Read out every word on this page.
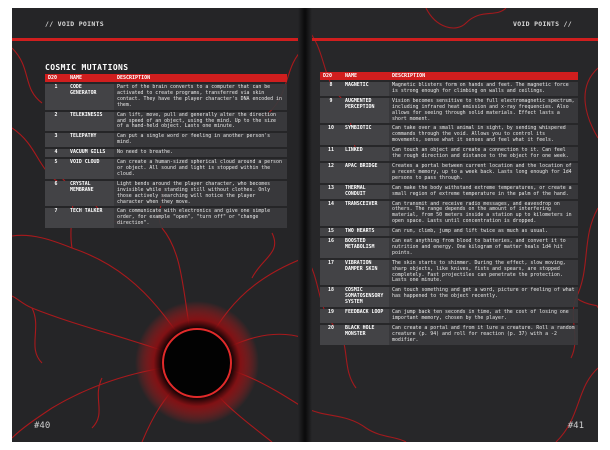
// VOID POINTS
COSMIC MUTATIONS
D20	NAME	DESCRIPTION
1	CODE GENERATOR	Part of the brain converts to a computer that can be activated to create programs, transferred via skin contact. They have the player character's DNA encoded in them.
2	TELEKINESIS	Can lift, move, pull and generally alter the direction and speed of an object, using the mind. Up to the size of a hand-held object. Lasts one minute.
3	TELEPATHY	Can put a single word or feeling in another person's mind.
4	VACUUM GILLS	No need to breathe.
5	VOID CLOUD	Can create a human-sized spherical cloud around a person or object. All sound and light is stopped within the cloud.
6	CRYSTAL MEMBRANE	Light bends around the player character, who becomes invisible while standing still without clothes. Only those actively searching will notice the player character when they move.
7	TECH TALKER	Can communicate with electronics and give one simple order, for example "open", "turn off" or "change direction".
#40
VOID POINTS //
D20	NAME	DESCRIPTION
8	MAGNETIC	Magnetic blisters form on hands and feet. The magnetic force is strong enough for climbing on walls and ceilings.
9	AUGMENTED PERCEPTION	Vision becomes sensitive to the full electromagnetic spectrum, including infrared heat emission and x-ray frequencies. Also allows for seeing through solid materials. Effect lasts a short moment.
10	SYMBIOTIC	Can take over a small animal in sight, by sending whispered commands through the void. Allows you to control its movements, sense what it senses and feel what it feels.
11	LINKED	Can touch an object and create a connection to it. Can feel the rough direction and distance to the object for one week.
12	APAC BRIDGE	Creates a portal between current location and the location of a recent memory, up to a week back. Lasts long enough for 1d4 persons to pass through.
13	THERMAL CONDUIT	Can make the body withstand extreme temperatures, or create a small region of extreme temperature in the palm of the hand.
14	TRANSCEIVER	Can transmit and receive radio messages, and eavesdrop on others. The range depends on the amount of interfering material, from 50 meters inside a station up to kilometers in open space. Lasts until concentration is dropped.
15	TWO HEARTS	Can run, climb, jump and lift twice as much as usual.
16	BOOSTED METABOLISM	Can eat anything from blood to batteries, and convert it to nutrition and energy. One kilogram of matter heals 1d4 hit points.
17	VIBRATION DAMPER SKIN	The skin starts to shimmer. During the effect, slow moving, sharp objects, like knives, fists and spears, are stopped completely. Fast projectiles can penetrate the protection. Lasts one minute.
18	COSMIC SOMATOSENSORY SYSTEM	Can touch something and get a word, picture or feeling of what has happened to the object recently.
19	FEEDBACK LOOP	Can jump back ten seconds in time, at the cost of losing one important memory, chosen by the player.
20	BLACK HOLE MONSTER	Can create a portal and from it lure a creature. Roll a random creature (p. 94) and roll for reaction (p. 37) with a -2 modifier.
#41
